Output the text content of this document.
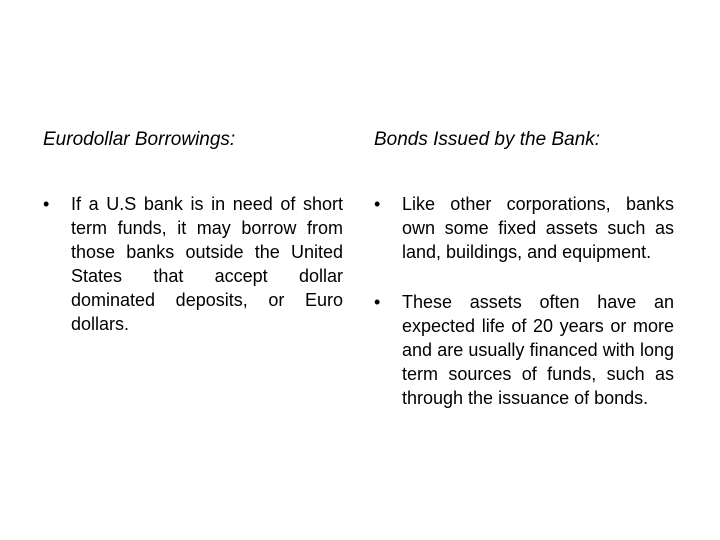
Eurodollar Borrowings:

•	If a U.S bank is in need of short term funds, it may borrow from those banks outside the United States that accept dollar dominated deposits, or Euro dollars.

Bonds Issued by the Bank:

•	Like other corporations, banks own some fixed assets such as land, buildings, and equipment.
•	These assets often have an expected life of 20 years or more and are usually financed with long term sources of funds, such as through the issuance of bonds.
